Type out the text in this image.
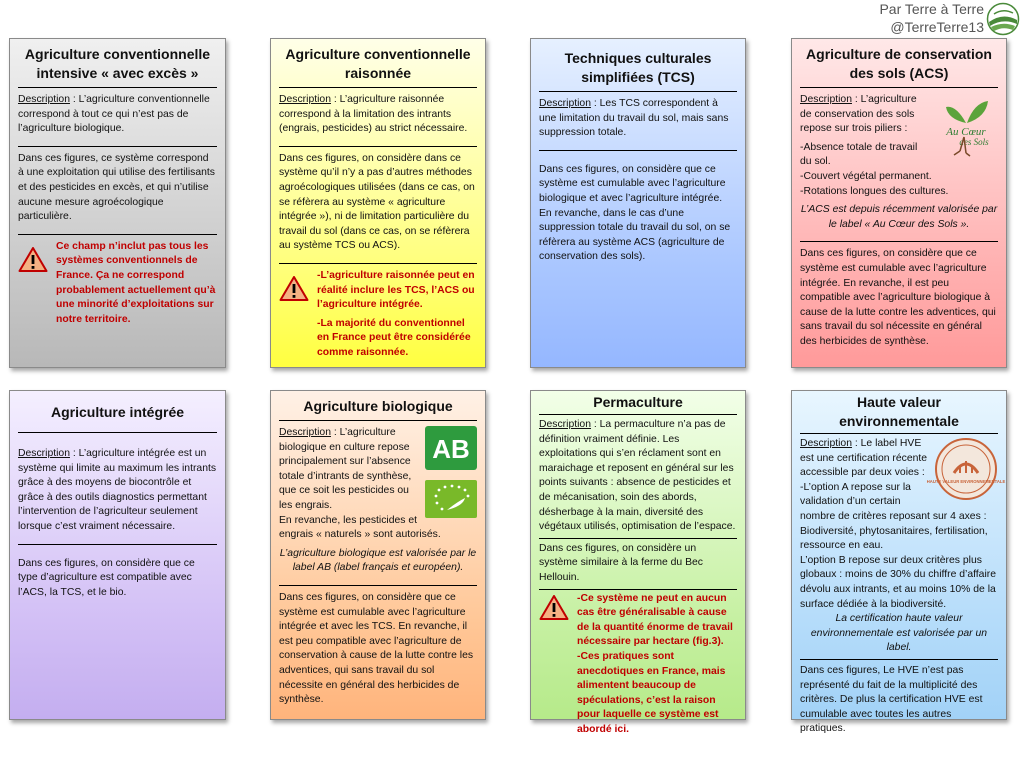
Par Terre à Terre
@TerreTerre13
Agriculture conventionnelle intensive « avec excès »

Description : L’agriculture conventionnelle correspond à tout ce qui n’est pas de l’agriculture biologique.

Dans ces figures, ce système correspond à une exploitation qui utilise des fertilisants et des pesticides en excès, et qui n’utilise aucune mesure agroécologique particulière.

Ce champ n’inclut pas tous les systèmes conventionnels de France. Ça ne correspond probablement actuellement qu’à une minorité d’exploitations sur notre territoire.

Agriculture conventionnelle raisonnée

Description : L’agriculture raisonnée correspond à la limitation des intrants (engrais, pesticides) au strict nécessaire.

Dans ces figures, on considère dans ce système qu’il n’y a pas d’autres méthodes agroécologiques utilisées (dans ce cas, on se réfèrera au système « agriculture intégrée »), ni de limitation particulière du travail du sol (dans ce cas, on se réfèrera au système TCS ou ACS).

-L’agriculture raisonnée peut en réalité inclure les TCS, l’ACS ou l’agriculture intégrée.

-La majorité du conventionnel en France peut être considérée comme raisonnée.

Techniques culturales simplifiées (TCS)

Description : Les TCS correspondent à une limitation du travail du sol, mais sans suppression totale.

Dans ces figures, on considère que ce système est cumulable avec l’agriculture biologique et avec l’agriculture intégrée. En revanche, dans le cas d’une suppression totale du travail du sol, on se réfèrera au système ACS (agriculture de conservation des sols).

Agriculture de conservation des sols (ACS)
Au Cœur
des Sols

Description : L’agriculture de conservation des sols repose sur trois piliers :

-Absence totale de travail du sol.

-Couvert végétal permanent.

-Rotations longues des cultures.

L’ACS est depuis récemment valorisée par le label « Au Cœur des Sols ».

Dans ces figures, on considère que ce système est cumulable avec l’agriculture intégrée. En revanche, il est peu compatible avec l’agriculture biologique à cause de la lutte contre les adventices, qui sans travail du sol nécessite en général des herbicides de synthèse.

Agriculture intégrée

Description : L’agriculture intégrée est un système qui limite au maximum les intrants grâce à des moyens de biocontrôle et grâce à des outils diagnostics permettant l’intervention de l’agriculteur seulement lorsque c’est vraiment nécessaire.

Dans ces figures, on considère que ce type d’agriculture est compatible avec l’ACS, la TCS, et le bio.

Agriculture biologique
AB

Description : L’agriculture biologique en culture repose principalement sur l’absence totale d’intrants de synthèse, que ce soit les pesticides ou les engrais.

En revanche, les pesticides et engrais « naturels » sont autorisés.

L’agriculture biologique est valorisée par le label AB (label français et européen).

Dans ces figures, on considère que ce système est cumulable avec l’agriculture intégrée et avec les TCS. En revanche, il est peu compatible avec l’agriculture de conservation à cause de la lutte contre les adventices, qui sans travail du sol nécessite en général des herbicides de synthèse.

Permaculture

Description : La permaculture n’a pas de définition vraiment définie. Les exploitations qui s’en réclament sont en maraichage et reposent en général sur les points suivants : absence de pesticides et de mécanisation, soin des abords, désherbage à la main, diversité des végétaux utilisés, optimisation de l’espace.

Dans ces figures, on considère un système similaire à la ferme du Bec Hellouin.

-Ce système ne peut en aucun cas être généralisable à cause de la quantité énorme de travail nécessaire par hectare (fig.3).

-Ces pratiques sont anecdotiques en France, mais alimentent beaucoup de spéculations, c’est la raison pour laquelle ce système est abordé ici.

Haute valeur environnementale
HAUTE VALEUR ENVIRONNEMENTALE

Description : Le label HVE est une certification récente accessible par deux voies :

-L’option A repose sur la validation d’un certain nombre de critères reposant sur 4 axes : Biodiversité, phytosanitaires, fertilisation, ressource en eau.

L’option B repose sur deux critères plus globaux : moins de 30% du chiffre d’affaire dévolu aux intrants, et au moins 10% de la surface dédiée à la biodiversité.

La certification haute valeur environnementale est valorisée par un label.

Dans ces figures, Le HVE n’est pas représenté du fait de la multiplicité des critères. De plus la certification HVE est cumulable avec toutes les autres pratiques.
